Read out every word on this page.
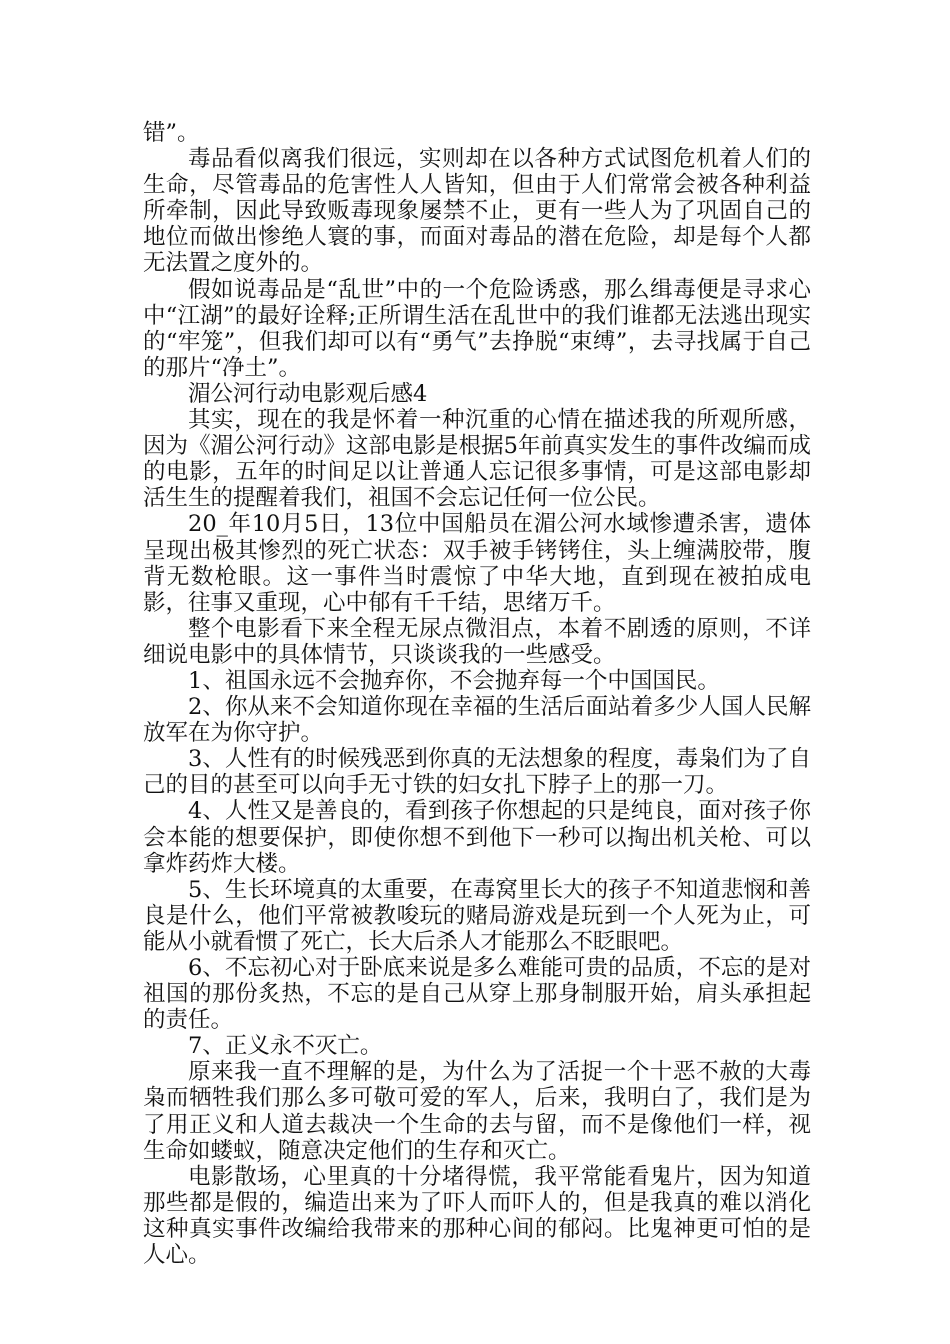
错”。

毒品看似离我们很远，实则却在以各种方式试图危机着人们的生命，尽管毒品的危害性人人皆知，但由于人们常常会被各种利益所牵制，因此导致贩毒现象屡禁不止，更有一些人为了巩固自己的地位而做出惨绝人寰的事，而面对毒品的潜在危险，却是每个人都无法置之度外的。

假如说毒品是“乱世”中的一个危险诱惑，那么缉毒便是寻求心中“江湖”的最好诠释;正所谓生活在乱世中的我们谁都无法逃出现实的“牢笼”，但我们却可以有“勇气”去挣脱“束缚”，去寻找属于自己的那片“净土”。

湄公河行动电影观后感4

其实，现在的我是怀着一种沉重的心情在描述我的所观所感，因为《湄公河行动》这部电影是根据5年前真实发生的事件改编而成的电影，五年的时间足以让普通人忘记很多事情，可是这部电影却活生生的提醒着我们，祖国不会忘记任何一位公民。

20_年10月5日，13位中国船员在湄公河水域惨遭杀害，遗体呈现出极其惨烈的死亡状态：双手被手铐铐住，头上缠满胶带，腹背无数枪眼。这一事件当时震惊了中华大地，直到现在被拍成电影，往事又重现，心中郁有千千结，思绪万千。

整个电影看下来全程无尿点微泪点，本着不剧透的原则，不详细说电影中的具体情节，只谈谈我的一些感受。

1、祖国永远不会抛弃你，不会抛弃每一个中国国民。

2、你从来不会知道你现在幸福的生活后面站着多少人国人民解放军在为你守护。

3、人性有的时候残恶到你真的无法想象的程度，毒枭们为了自己的目的甚至可以向手无寸铁的妇女扎下脖子上的那一刀。

4、人性又是善良的，看到孩子你想起的只是纯良，面对孩子你会本能的想要保护，即使你想不到他下一秒可以掏出机关枪、可以拿炸药炸大楼。

5、生长环境真的太重要，在毒窝里长大的孩子不知道悲悯和善良是什么，他们平常被教唆玩的赌局游戏是玩到一个人死为止，可能从小就看惯了死亡，长大后杀人才能那么不眨眼吧。

6、不忘初心对于卧底来说是多么难能可贵的品质，不忘的是对祖国的那份炙热，不忘的是自己从穿上那身制服开始，肩头承担起的责任。

7、正义永不灭亡。

原来我一直不理解的是，为什么为了活捉一个十恶不赦的大毒枭而牺牲我们那么多可敬可爱的军人，后来，我明白了，我们是为了用正义和人道去裁决一个生命的去与留，而不是像他们一样，视生命如蝼蚁，随意决定他们的生存和灭亡。

电影散场，心里真的十分堵得慌，我平常能看鬼片，因为知道那些都是假的，编造出来为了吓人而吓人的，但是我真的难以消化这种真实事件改编给我带来的那种心间的郁闷。比鬼神更可怕的是人心。
